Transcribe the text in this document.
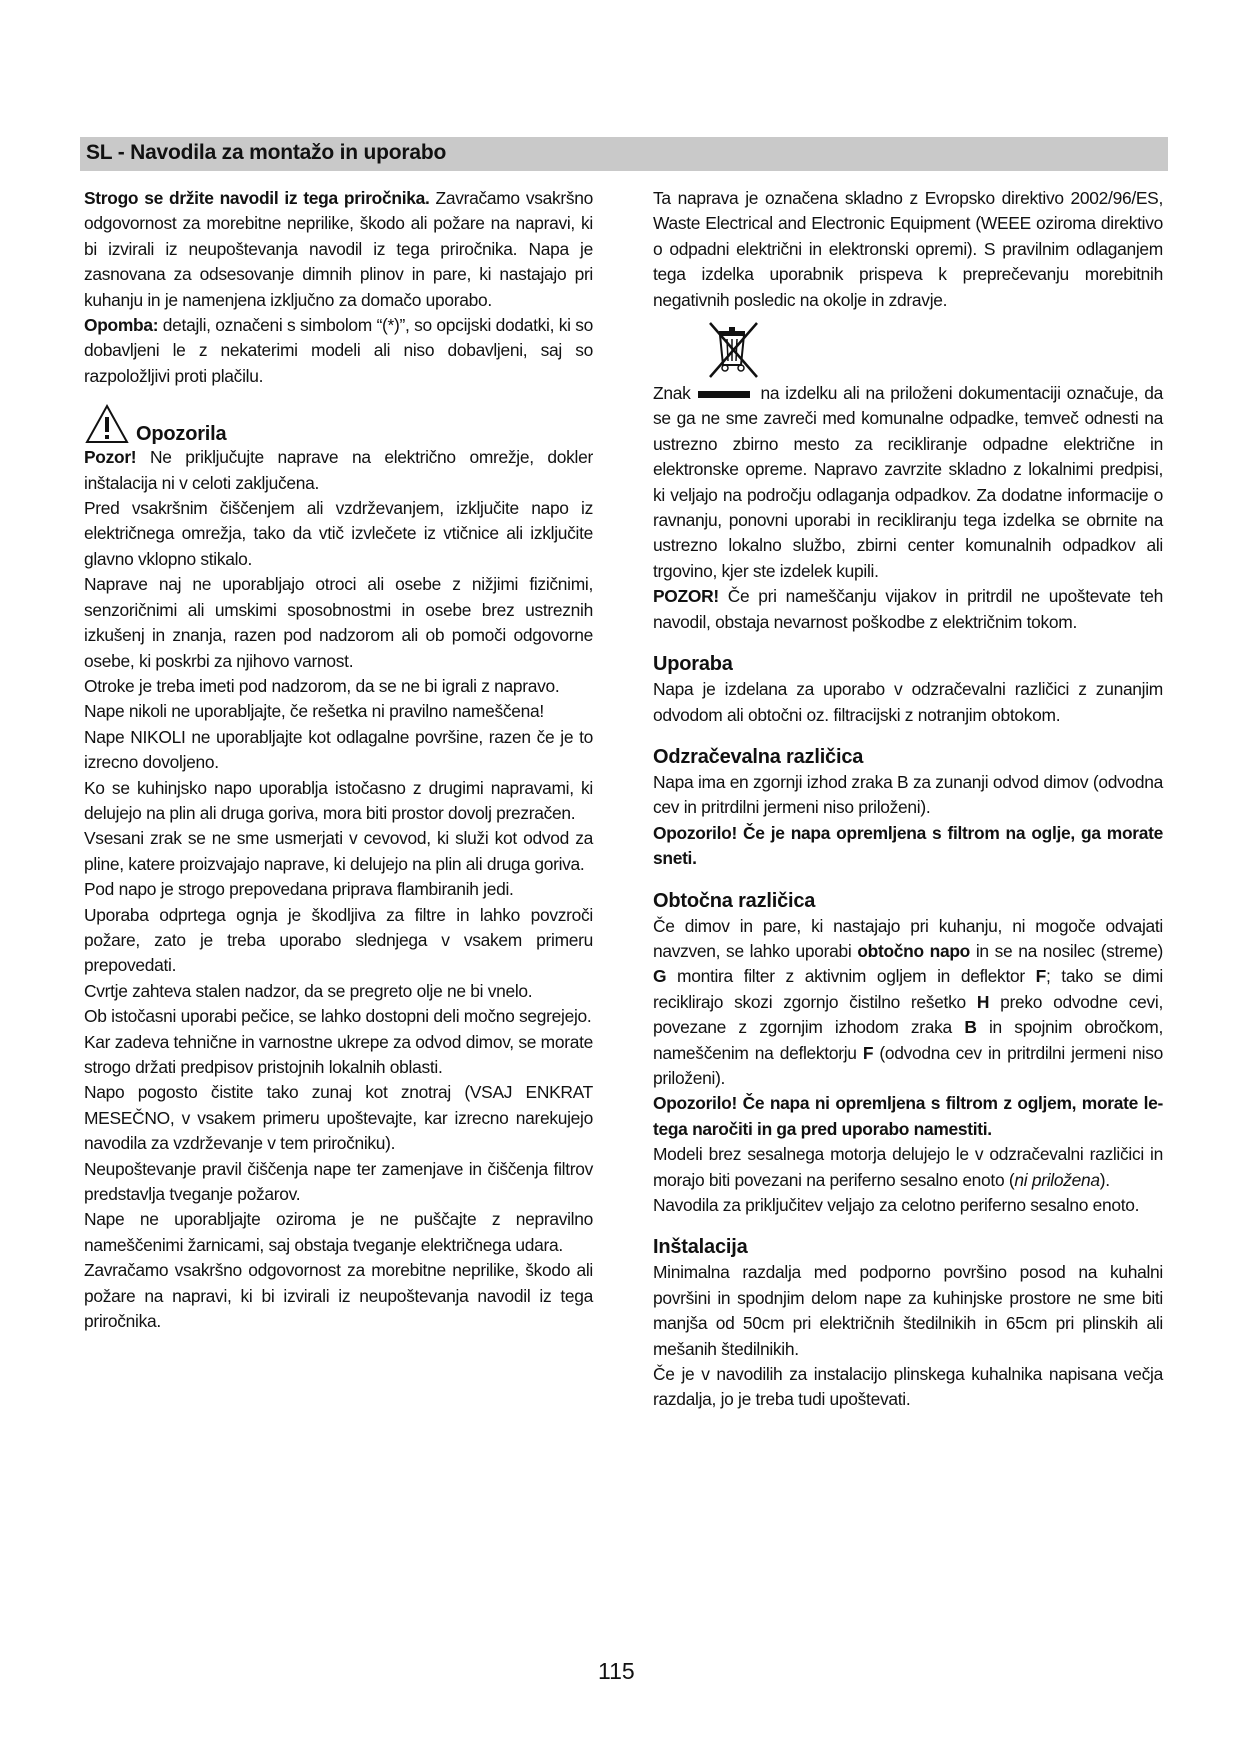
SL - Navodila za montažo in uporabo

Strogo se držite navodil iz tega priročnika. Zavračamo vsakršno odgovornost za morebitne neprilike, škodo ali požare na napravi, ki bi izvirali iz neupoštevanja navodil iz tega priročnika. Napa je zasnovana za odsesovanje dimnih plinov in pare, ki nastajajo pri kuhanju in je namenjena izključno za domačo uporabo.

Opomba: detajli, označeni s simbolom “(*)”, so opcijski dodatki, ki so dobavljeni le z nekaterimi modeli ali niso dobavljeni, saj so razpoložljivi proti plačilu.

Opozorila

Pozor! Ne priključujte naprave na električno omrežje, dokler inštalacija ni v celoti zaključena.

Pred vsakršnim čiščenjem ali vzdrževanjem, izključite napo iz električnega omrežja, tako da vtič izvlečete iz vtičnice ali izključite glavno vklopno stikalo.

Naprave naj ne uporabljajo otroci ali osebe z nižjimi fizičnimi, senzoričnimi ali umskimi sposobnostmi in osebe brez ustreznih izkušenj in znanja, razen pod nadzorom ali ob pomoči odgovorne osebe, ki poskrbi za njihovo varnost.

Otroke je treba imeti pod nadzorom, da se ne bi igrali z napravo.

Nape nikoli ne uporabljajte, če rešetka ni pravilno nameščena!

Nape NIKOLI ne uporabljajte kot odlagalne površine, razen če je to izrecno dovoljeno.

Ko se kuhinjsko napo uporablja istočasno z drugimi napravami, ki delujejo na plin ali druga goriva, mora biti prostor dovolj prezračen.

Vsesani zrak se ne sme usmerjati v cevovod, ki služi kot odvod za pline, katere proizvajajo naprave, ki delujejo na plin ali druga goriva.

Pod napo je strogo prepovedana priprava flambiranih jedi.

Uporaba odprtega ognja je škodljiva za filtre in lahko povzroči požare, zato je treba uporabo slednjega v vsakem primeru prepovedati.

Cvrtje zahteva stalen nadzor, da se pregreto olje ne bi vnelo.

Ob istočasni uporabi pečice, se lahko dostopni deli močno segrejejo.

Kar zadeva tehnične in varnostne ukrepe za odvod dimov, se morate strogo držati predpisov pristojnih lokalnih oblasti.

Napo pogosto čistite tako zunaj kot znotraj (VSAJ ENKRAT MESEČNO, v vsakem primeru upoštevajte, kar izrecno narekujejo navodila za vzdrževanje v tem priročniku).

Neupoštevanje pravil čiščenja nape ter zamenjave in čiščenja filtrov predstavlja tveganje požarov.

Nape ne uporabljajte oziroma je ne puščajte z nepravilno nameščenimi žarnicami, saj obstaja tveganje električnega udara.

Zavračamo vsakršno odgovornost za morebitne neprilike, škodo ali požare na napravi, ki bi izvirali iz neupoštevanja navodil iz tega priročnika.

Ta naprava je označena skladno z Evropsko direktivo 2002/96/ES, Waste Electrical and Electronic Equipment (WEEE oziroma direktivo o odpadni električni in elektronski opremi). S pravilnim odlaganjem tega izdelka uporabnik prispeva k preprečevanju morebitnih negativnih posledic na okolje in zdravje.

Znak	na izdelku ali na priloženi dokumentaciji označuje, da se ga ne sme zavreči med komunalne odpadke, temveč odnesti na ustrezno zbirno mesto za recikliranje odpadne električne in elektronske opreme. Napravo zavrzite skladno z lokalnimi predpisi, ki veljajo na področju odlaganja odpadkov. Za dodatne informacije o ravnanju, ponovni uporabi in recikliranju tega izdelka se obrnite na ustrezno lokalno službo, zbirni center komunalnih odpadkov ali trgovino, kjer ste izdelek kupili.

POZOR! Če pri nameščanju vijakov in pritrdil ne upoštevate teh navodil, obstaja nevarnost poškodbe z električnim tokom.

Uporaba

Napa je izdelana za uporabo v odzračevalni različici z zunanjim odvodom ali obtočni oz. filtracijski z notranjim obtokom.

Odzračevalna različica

Napa ima en zgornji izhod zraka B za zunanji odvod dimov (odvodna cev in pritrdilni jermeni niso priloženi).

Opozorilo! Če je napa opremljena s filtrom na oglje, ga morate sneti.

Obtočna različica

Če dimov in pare, ki nastajajo pri kuhanju, ni mogoče odvajati navzven, se lahko uporabi obtočno napo in se na nosilec (streme) G montira filter z aktivnim ogljem in deflektor F; tako se dimi reciklirajo skozi zgornjo čistilno rešetko H preko odvodne cevi, povezane z zgornjim izhodom zraka B in spojnim obročkom, nameščenim na deflektorju F (odvodna cev in pritrdilni jermeni niso priloženi).

Opozorilo! Če napa ni opremljena s filtrom z ogljem, morate le-tega naročiti in ga pred uporabo namestiti.

Modeli brez sesalnega motorja delujejo le v odzračevalni različici in morajo biti povezani na periferno sesalno enoto (ni priložena).

Navodila za priključitev veljajo za celotno periferno sesalno enoto.

Inštalacija

Minimalna razdalja med podporno površino posod na kuhalni površini in spodnjim delom nape za kuhinjske prostore ne sme biti manjša od 50cm pri električnih štedilnikih in 65cm pri plinskih ali mešanih štedilnikih.

Če je v navodilih za instalacijo plinskega kuhalnika napisana večja razdalja, jo je treba tudi upoštevati.

115
